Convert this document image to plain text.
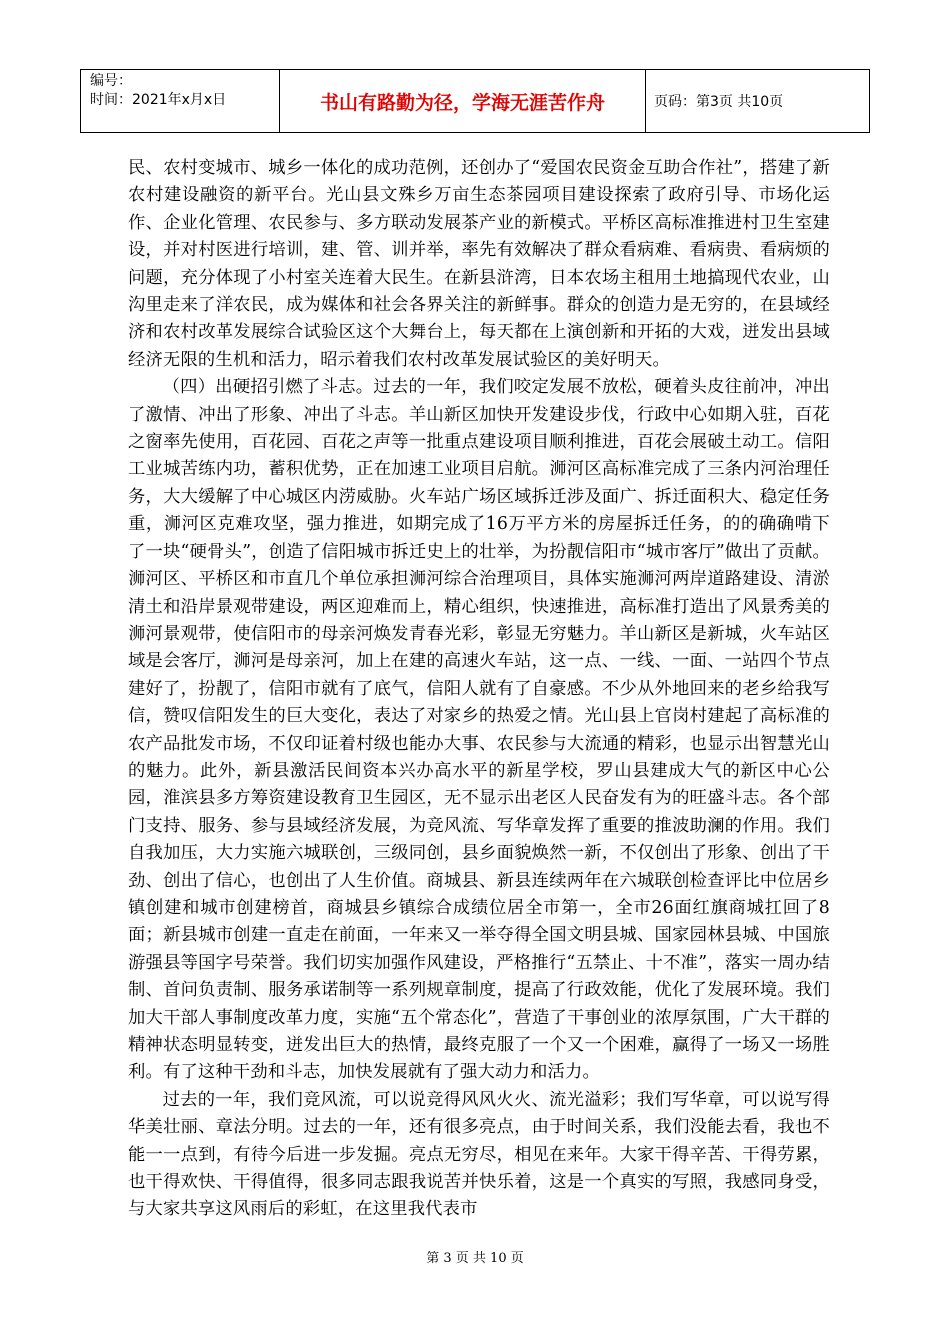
编号：
时间：2021年x月x日	书山有路勤为径，学海无涯苦作舟	页码：第3页 共10页

民、农村变城市、城乡一体化的成功范例，还创办了“爱国农民资金互助合作社”，搭建了新农村建设融资的新平台。光山县文殊乡万亩生态茶园项目建设探索了政府引导、市场化运作、企业化管理、农民参与、多方联动发展茶产业的新模式。平桥区高标准推进村卫生室建设，并对村医进行培训，建、管、训并举，率先有效解决了群众看病难、看病贵、看病烦的问题，充分体现了小村室关连着大民生。在新县浒湾，日本农场主租用土地搞现代农业，山沟里走来了洋农民，成为媒体和社会各界关注的新鲜事。群众的创造力是无穷的，在县域经济和农村改革发展综合试验区这个大舞台上，每天都在上演创新和开拓的大戏，迸发出县域经济无限的生机和活力，昭示着我们农村改革发展试验区的美好明天。

（四）出硬招引燃了斗志。过去的一年，我们咬定发展不放松，硬着头皮往前冲，冲出了激情、冲出了形象、冲出了斗志。羊山新区加快开发建设步伐，行政中心如期入驻，百花之窗率先使用，百花园、百花之声等一批重点建设项目顺利推进，百花会展破土动工。信阳工业城苦练内功，蓄积优势，正在加速工业项目启航。浉河区高标准完成了三条内河治理任务，大大缓解了中心城区内涝威胁。火车站广场区域拆迁涉及面广、拆迁面积大、稳定任务重，浉河区克难攻坚，强力推进，如期完成了16万平方米的房屋拆迁任务，的的确确啃下了一块“硬骨头”，创造了信阳城市拆迁史上的壮举，为扮靓信阳市“城市客厅”做出了贡献。浉河区、平桥区和市直几个单位承担浉河综合治理项目，具体实施浉河两岸道路建设、清淤清土和沿岸景观带建设，两区迎难而上，精心组织，快速推进，高标准打造出了风景秀美的浉河景观带，使信阳市的母亲河焕发青春光彩，彰显无穷魅力。羊山新区是新城，火车站区域是会客厅，浉河是母亲河，加上在建的高速火车站，这一点、一线、一面、一站四个节点建好了，扮靓了，信阳市就有了底气，信阳人就有了自豪感。不少从外地回来的老乡给我写信，赞叹信阳发生的巨大变化，表达了对家乡的热爱之情。光山县上官岗村建起了高标准的农产品批发市场，不仅印证着村级也能办大事、农民参与大流通的精彩，也显示出智慧光山的魅力。此外，新县激活民间资本兴办高水平的新星学校，罗山县建成大气的新区中心公园，淮滨县多方筹资建设教育卫生园区，无不显示出老区人民奋发有为的旺盛斗志。各个部门支持、服务、参与县域经济发展，为竞风流、写华章发挥了重要的推波助澜的作用。我们自我加压，大力实施六城联创，三级同创，县乡面貌焕然一新，不仅创出了形象、创出了干劲、创出了信心，也创出了人生价值。商城县、新县连续两年在六城联创检查评比中位居乡镇创建和城市创建榜首，商城县乡镇综合成绩位居全市第一，全市26面红旗商城扛回了8面；新县城市创建一直走在前面，一年来又一举夺得全国文明县城、国家园林县城、中国旅游强县等国字号荣誉。我们切实加强作风建设，严格推行“五禁止、十不准”，落实一周办结制、首问负责制、服务承诺制等一系列规章制度，提高了行政效能，优化了发展环境。我们加大干部人事制度改革力度，实施“五个常态化”，营造了干事创业的浓厚氛围，广大干群的精神状态明显转变，迸发出巨大的热情，最终克服了一个又一个困难，赢得了一场又一场胜利。有了这种干劲和斗志，加快发展就有了强大动力和活力。

过去的一年，我们竞风流，可以说竞得风风火火、流光溢彩；我们写华章，可以说写得华美壮丽、章法分明。过去的一年，还有很多亮点，由于时间关系，我们没能去看，我也不能一一点到，有待今后进一步发掘。亮点无穷尽，相见在来年。大家干得辛苦、干得劳累，也干得欢快、干得值得，很多同志跟我说苦并快乐着，这是一个真实的写照，我感同身受，与大家共享这风雨后的彩虹，在这里我代表市

第 3 页 共 10 页
